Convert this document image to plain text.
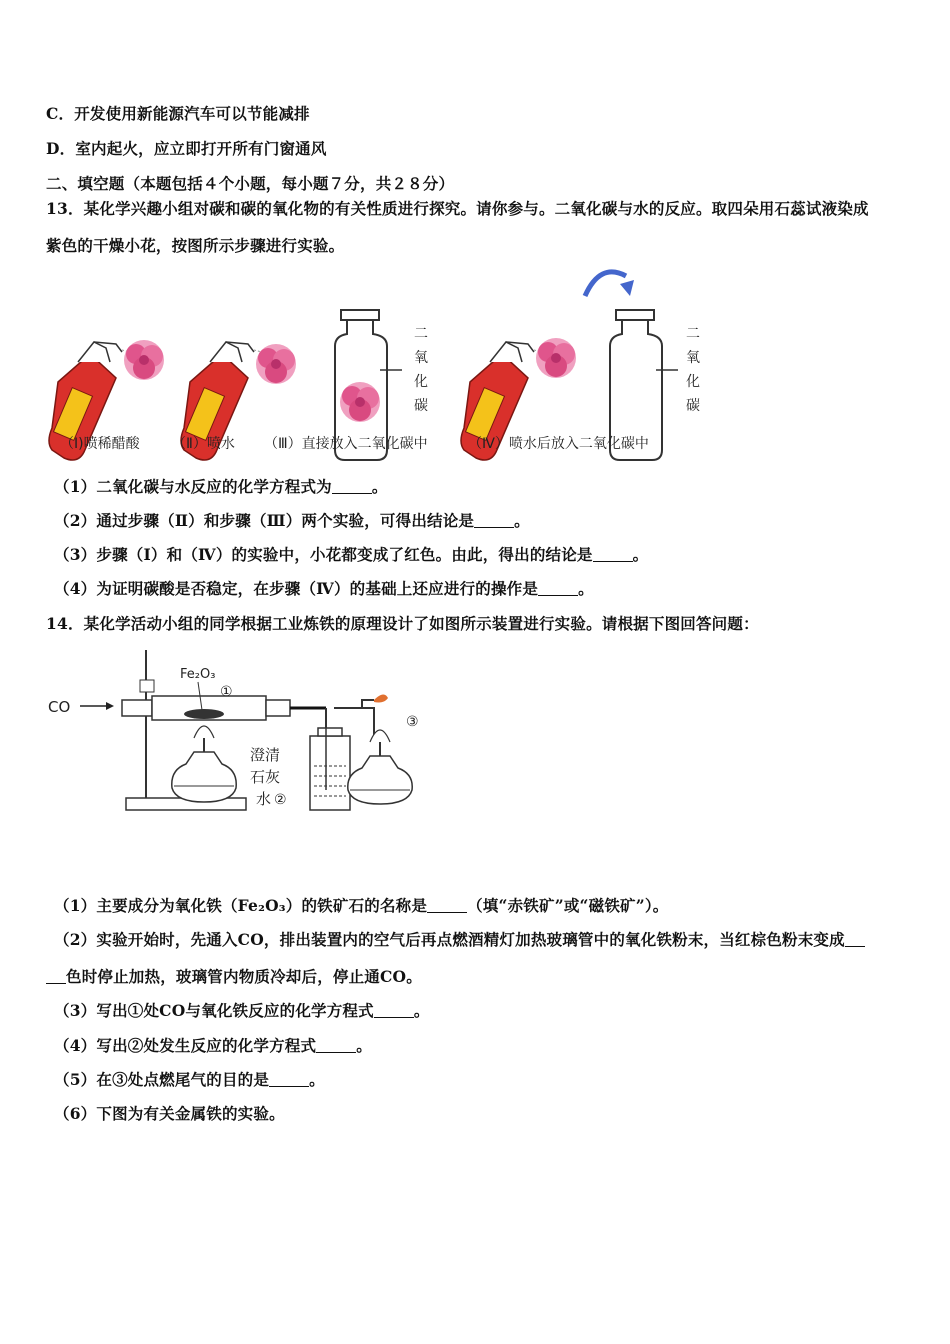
C．开发使用新能源汽车可以节能减排
D．室内起火，应立即打开所有门窗通风
二、填空题（本题包括４个小题，每小题７分，共２８分）
13．某化学兴趣小组对碳和碳的氧化物的有关性质进行探究。请你参与。二氧化碳与水的反应。取四朵用石蕊试液染成
紫色的干燥小花，按图所示步骤进行实验。
二
氧
化
碳
二
氧
化
碳
（Ⅰ)喷稀醋酸 （Ⅱ）喷水 （Ⅲ）直接放入二氧化碳中	（Ⅳ）喷水后放入二氧化碳中
（1）二氧化碳与水反应的化学方程式为	。
（2）通过步骤（Ⅱ）和步骤（Ⅲ）两个实验，可得出结论是	。
（3）步骤（Ⅰ）和（Ⅳ）的实验中，小花都变成了红色。由此，得出的结论是	。
（4）为证明碳酸是否稳定，在步骤（Ⅳ）的基础上还应进行的操作是	。
14．某化学活动小组的同学根据工业炼铁的原理设计了如图所示装置进行实验。请根据下图回答问题：
CO
Fe₂O₃
①
澄清
石灰
水 ②
③
（1）主要成分为氧化铁（Fe₂O₃）的铁矿石的名称是	（填“赤铁矿”或“磁铁矿”）。
（2）实验开始时，先通入CO，排出装置内的空气后再点燃酒精灯加热玻璃管中的氧化铁粉末，当红棕色粉末变成
色时停止加热，玻璃管内物质冷却后，停止通CO。
（3）写出①处CO与氧化铁反应的化学方程式	。
（4）写出②处发生反应的化学方程式	。
（5）在③处点燃尾气的目的是	。
（6）下图为有关金属铁的实验。
